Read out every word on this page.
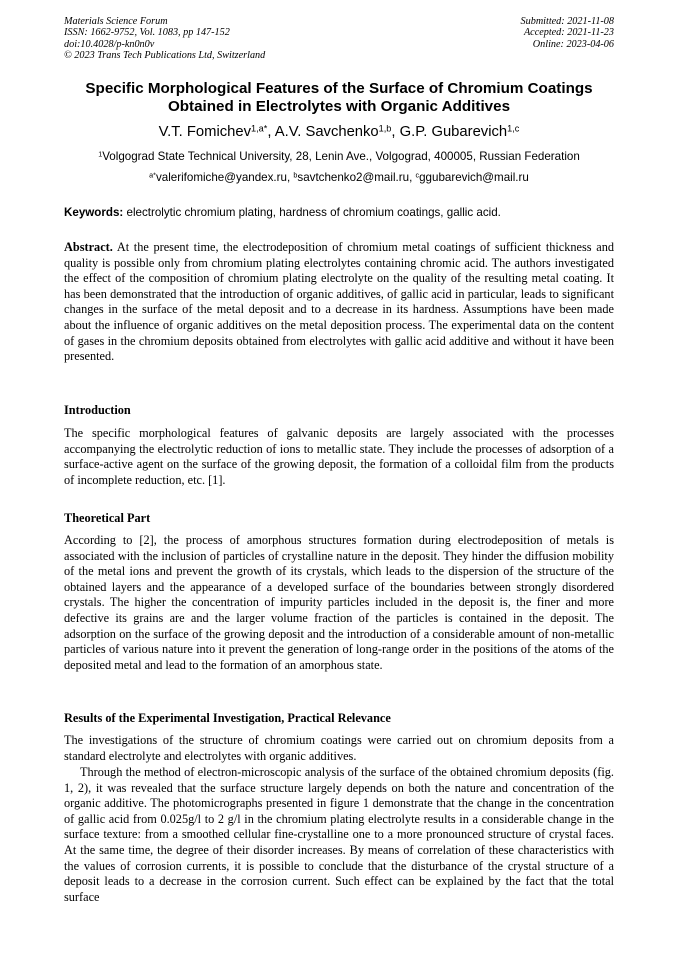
Materials Science Forum
ISSN: 1662-9752, Vol. 1083, pp 147-152
doi:10.4028/p-kn0n0v
© 2023 Trans Tech Publications Ltd, Switzerland
Submitted: 2021-11-08
Accepted: 2021-11-23
Online: 2023-04-06
Specific Morphological Features of the Surface of Chromium Coatings
Obtained in Electrolytes with Organic Additives
V.T. Fomichev$^{1,a*}$, A.V. Savchenko$^{1,b}$, G.P. Gubarevich$^{1,c}$
$^1$Volgograd State Technical University, 28, Lenin Ave., Volgograd, 400005, Russian Federation
$^{a*}$valerifomiche@yandex.ru, $^b$savtchenko2@mail.ru, $^c$ggubarevich@mail.ru
Keywords: electrolytic chromium plating, hardness of chromium coatings, gallic acid.

Abstract. At the present time, the electrodeposition of chromium metal coatings of sufficient thickness and quality is possible only from chromium plating electrolytes containing chromic acid. The authors investigated the effect of the composition of chromium plating electrolyte on the quality of the resulting metal coating. It has been demonstrated that the introduction of organic additives, of gallic acid in particular, leads to significant changes in the surface of the metal deposit and to a decrease in its hardness. Assumptions have been made about the influence of organic additives on the metal deposition process. The experimental data on the content of gases in the chromium deposits obtained from electrolytes with gallic acid additive and without it have been presented.

Introduction

The specific morphological features of galvanic deposits are largely associated with the processes accompanying the electrolytic reduction of ions to metallic state. They include the processes of adsorption of a surface-active agent on the surface of the growing deposit, the formation of a colloidal film from the products of incomplete reduction, etc. [1].

Theoretical Part

According to [2], the process of amorphous structures formation during electrodeposition of metals is associated with the inclusion of particles of crystalline nature in the deposit. They hinder the diffusion mobility of the metal ions and prevent the growth of its crystals, which leads to the dispersion of the structure of the obtained layers and the appearance of a developed surface of the boundaries between strongly disordered crystals. The higher the concentration of impurity particles included in the deposit is, the finer and more defective its grains are and the larger volume fraction of the particles is contained in the deposit. The adsorption on the surface of the growing deposit and the introduction of a considerable amount of non-metallic particles of various nature into it prevent the generation of long-range order in the positions of the atoms of the deposited metal and lead to the formation of an amorphous state.

Results of the Experimental Investigation, Practical Relevance

The investigations of the structure of chromium coatings were carried out on chromium deposits from a standard electrolyte and electrolytes with organic additives.

Through the method of electron-microscopic analysis of the surface of the obtained chromium deposits (fig. 1, 2), it was revealed that the surface structure largely depends on both the nature and concentration of the organic additive. The photomicrographs presented in figure 1 demonstrate that the change in the concentration of gallic acid from 0.025g/l to 2 g/l in the chromium plating electrolyte results in a considerable change in the surface texture: from a smoothed cellular fine-crystalline one to a more pronounced structure of crystal faces. At the same time, the degree of their disorder increases. By means of correlation of these characteristics with the values of corrosion currents, it is possible to conclude that the disturbance of the crystal structure of a deposit leads to a decrease in the corrosion current. Such effect can be explained by the fact that the total surface
